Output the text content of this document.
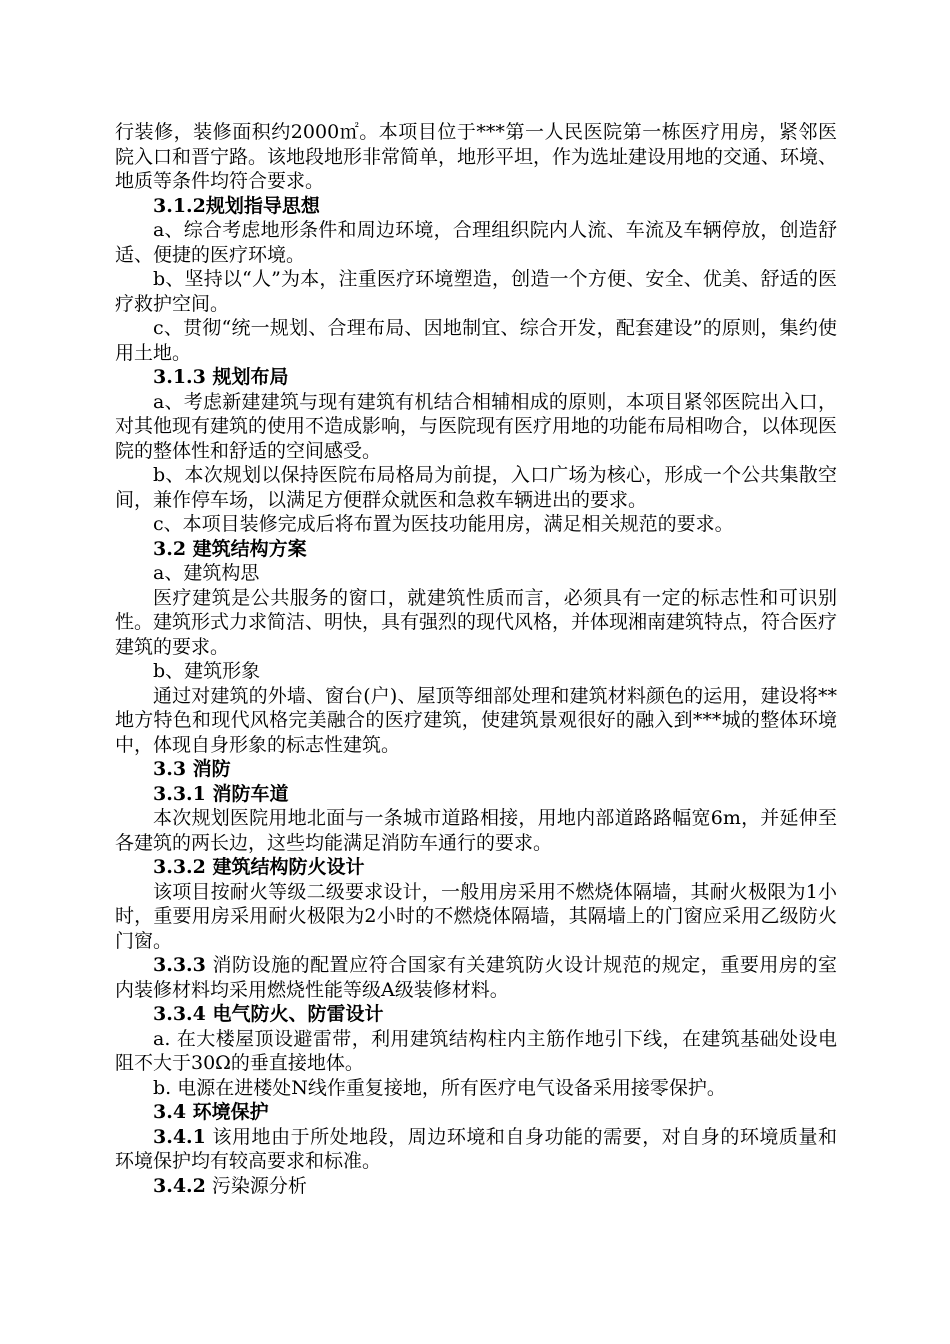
行装修，装修面积约2000㎡。本项目位于***第一人民医院第一栋医疗用房，紧邻医院入口和晋宁路。该地段地形非常简单，地形平坦，作为选址建设用地的交通、环境、地质等条件均符合要求。

3.1.2规划指导思想

a、综合考虑地形条件和周边环境，合理组织院内人流、车流及车辆停放，创造舒适、便捷的医疗环境。

b、坚持以“人”为本，注重医疗环境塑造，创造一个方便、安全、优美、舒适的医疗救护空间。

c、贯彻“统一规划、合理布局、因地制宜、综合开发，配套建设”的原则，集约使用土地。

3.1.3 规划布局

a、考虑新建建筑与现有建筑有机结合相辅相成的原则，本项目紧邻医院出入口，对其他现有建筑的使用不造成影响，与医院现有医疗用地的功能布局相吻合，以体现医院的整体性和舒适的空间感受。

b、本次规划以保持医院布局格局为前提，入口广场为核心，形成一个公共集散空间，兼作停车场，以满足方便群众就医和急救车辆进出的要求。

c、本项目装修完成后将布置为医技功能用房，满足相关规范的要求。

3.2 建筑结构方案

a、建筑构思

医疗建筑是公共服务的窗口，就建筑性质而言，必须具有一定的标志性和可识别性。建筑形式力求简洁、明快，具有强烈的现代风格，并体现湘南建筑特点，符合医疗建筑的要求。

b、建筑形象

通过对建筑的外墙、窗台(户)、屋顶等细部处理和建筑材料颜色的运用，建设将**地方特色和现代风格完美融合的医疗建筑，使建筑景观很好的融入到***城的整体环境中，体现自身形象的标志性建筑。

3.3 消防

3.3.1 消防车道

本次规划医院用地北面与一条城市道路相接，用地内部道路路幅宽6m，并延伸至各建筑的两长边，这些均能满足消防车通行的要求。

3.3.2 建筑结构防火设计

该项目按耐火等级二级要求设计，一般用房采用不燃烧体隔墙，其耐火极限为1小时，重要用房采用耐火极限为2小时的不燃烧体隔墙，其隔墙上的门窗应采用乙级防火门窗。

3.3.3 消防设施的配置应符合国家有关建筑防火设计规范的规定，重要用房的室内装修材料均采用燃烧性能等级A级装修材料。

3.3.4 电气防火、防雷设计

a. 在大楼屋顶设避雷带，利用建筑结构柱内主筋作地引下线，在建筑基础处设电阻不大于30Ω的垂直接地体。

b. 电源在进楼处N线作重复接地，所有医疗电气设备采用接零保护。

3.4 环境保护

3.4.1 该用地由于所处地段，周边环境和自身功能的需要，对自身的环境质量和环境保护均有较高要求和标准。

3.4.2 污染源分析
